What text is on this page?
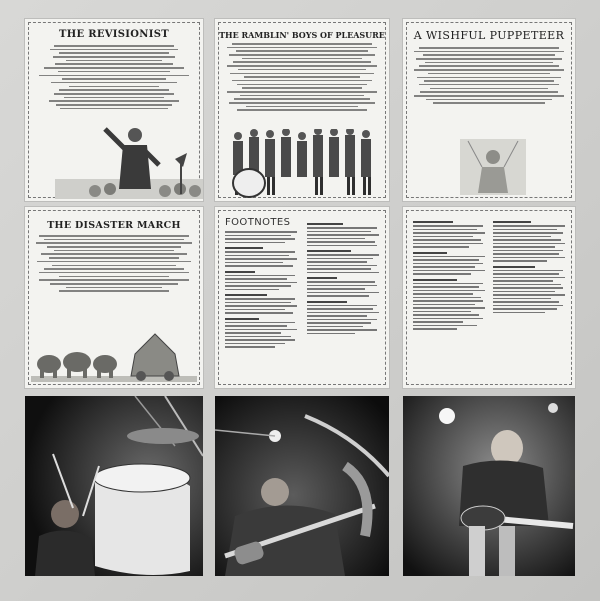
THE REVISIONIST	THE RAMBLIN' BOYS OF PLEASURE	A WISHFUL PUPPETEER
THE DISASTER MARCH	FOOTNOTES
